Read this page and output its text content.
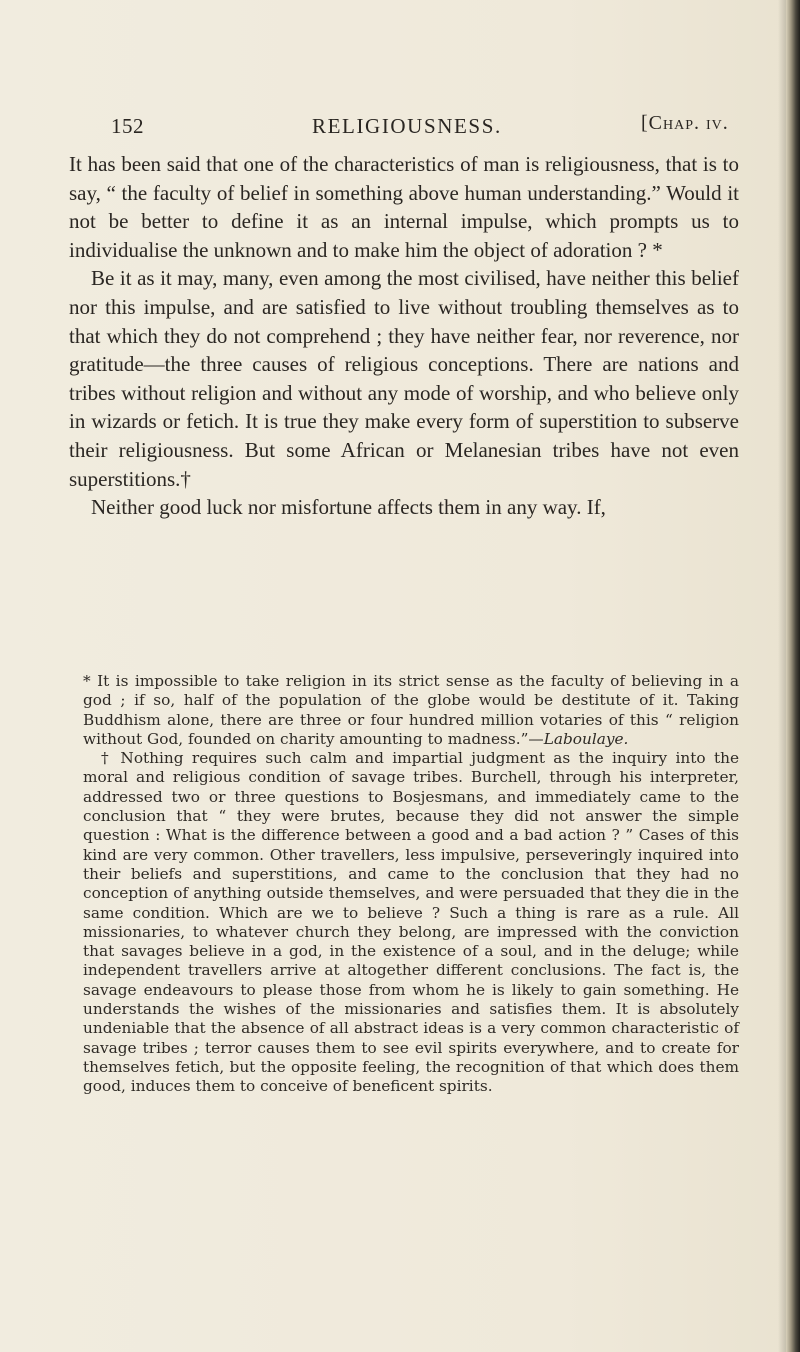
152	RELIGIOUSNESS.	[Chap. iv.

It has been said that one of the characteristics of man is religiousness, that is to say, “ the faculty of belief in something above human understanding.” Would it not be better to define it as an internal impulse, which prompts us to individualise the unknown and to make him the object of adoration ? *

Be it as it may, many, even among the most civilised, have neither this belief nor this impulse, and are satisfied to live without troubling themselves as to that which they do not comprehend ; they have neither fear, nor reverence, nor gratitude—the three causes of religious conceptions. There are nations and tribes without religion and without any mode of worship, and who believe only in wizards or fetich. It is true they make every form of superstition to subserve their religiousness. But some African or Melanesian tribes have not even superstitions.†

Neither good luck nor misfortune affects them in any way. If,

* It is impossible to take religion in its strict sense as the faculty of believing in a god ; if so, half of the population of the globe would be destitute of it. Taking Buddhism alone, there are three or four hundred million votaries of this “ religion without God, founded on charity amounting to madness.”—Laboulaye.

† Nothing requires such calm and impartial judgment as the inquiry into the moral and religious condition of savage tribes. Burchell, through his interpreter, addressed two or three questions to Bosjesmans, and immediately came to the conclusion that “ they were brutes, because they did not answer the simple question : What is the difference between a good and a bad action ? ” Cases of this kind are very common. Other travellers, less impulsive, perseveringly inquired into their beliefs and superstitions, and came to the conclusion that they had no conception of anything outside themselves, and were persuaded that they die in the same condition. Which are we to believe ? Such a thing is rare as a rule. All missionaries, to whatever church they belong, are impressed with the conviction that savages believe in a god, in the existence of a soul, and in the deluge; while independent travellers arrive at altogether different conclusions. The fact is, the savage endeavours to please those from whom he is likely to gain something. He understands the wishes of the missionaries and satisfies them. It is absolutely undeniable that the absence of all abstract ideas is a very common characteristic of savage tribes ; terror causes them to see evil spirits everywhere, and to create for themselves fetich, but the opposite feeling, the recognition of that which does them good, induces them to conceive of beneficent spirits.
